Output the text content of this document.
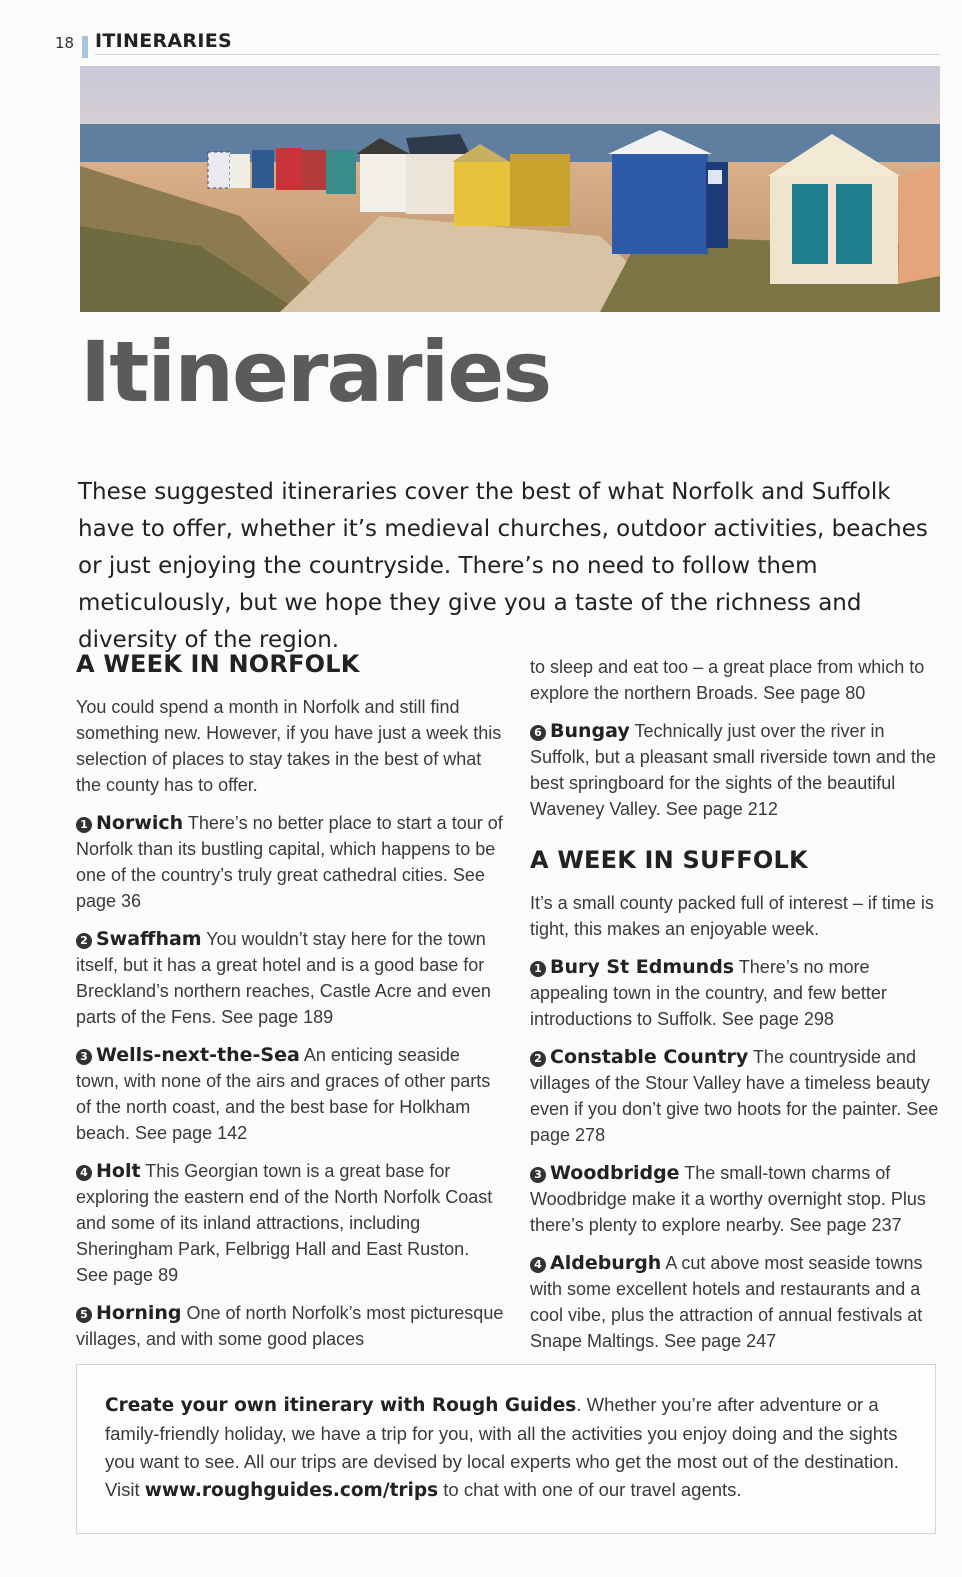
18 ITINERARIES
Itineraries
These suggested itineraries cover the best of what Norfolk and Suffolk have to offer, whether it’s medieval churches, outdoor activities, beaches or just enjoying the countryside. There’s no need to follow them meticulously, but we hope they give you a taste of the richness and diversity of the region.
A WEEK IN NORFOLK
You could spend a month in Norfolk and still find something new. However, if you have just a week this selection of places to stay takes in the best of what the county has to offer.
1 Norwich There’s no better place to start a tour of Norfolk than its bustling capital, which happens to be one of the country’s truly great cathedral cities. See page 36
2 Swaffham You wouldn’t stay here for the town itself, but it has a great hotel and is a good base for Breckland’s northern reaches, Castle Acre and even parts of the Fens. See page 189
3 Wells-next-the-Sea An enticing seaside town, with none of the airs and graces of other parts of the north coast, and the best base for Holkham beach. See page 142
4 Holt This Georgian town is a great base for exploring the eastern end of the North Norfolk Coast and some of its inland attractions, including Sheringham Park, Felbrigg Hall and East Ruston. See page 89
5 Horning One of north Norfolk’s most picturesque villages, and with some good places
to sleep and eat too – a great place from which to explore the northern Broads. See page 80
6 Bungay Technically just over the river in Suffolk, but a pleasant small riverside town and the best springboard for the sights of the beautiful Waveney Valley. See page 212
A WEEK IN SUFFOLK
It’s a small county packed full of interest – if time is tight, this makes an enjoyable week.
1 Bury St Edmunds There’s no more appealing town in the country, and few better introductions to Suffolk. See page 298
2 Constable Country The countryside and villages of the Stour Valley have a timeless beauty even if you don’t give two hoots for the painter. See page 278
3 Woodbridge The small-town charms of Woodbridge make it a worthy overnight stop. Plus there’s plenty to explore nearby. See page 237
4 Aldeburgh A cut above most seaside towns with some excellent hotels and restaurants and a cool vibe, plus the attraction of annual festivals at Snape Maltings. See page 247
Create your own itinerary with Rough Guides. Whether you’re after adventure or a family-friendly holiday, we have a trip for you, with all the activities you enjoy doing and the sights you want to see. All our trips are devised by local experts who get the most out of the destination. Visit www.roughguides.com/trips to chat with one of our travel agents.
